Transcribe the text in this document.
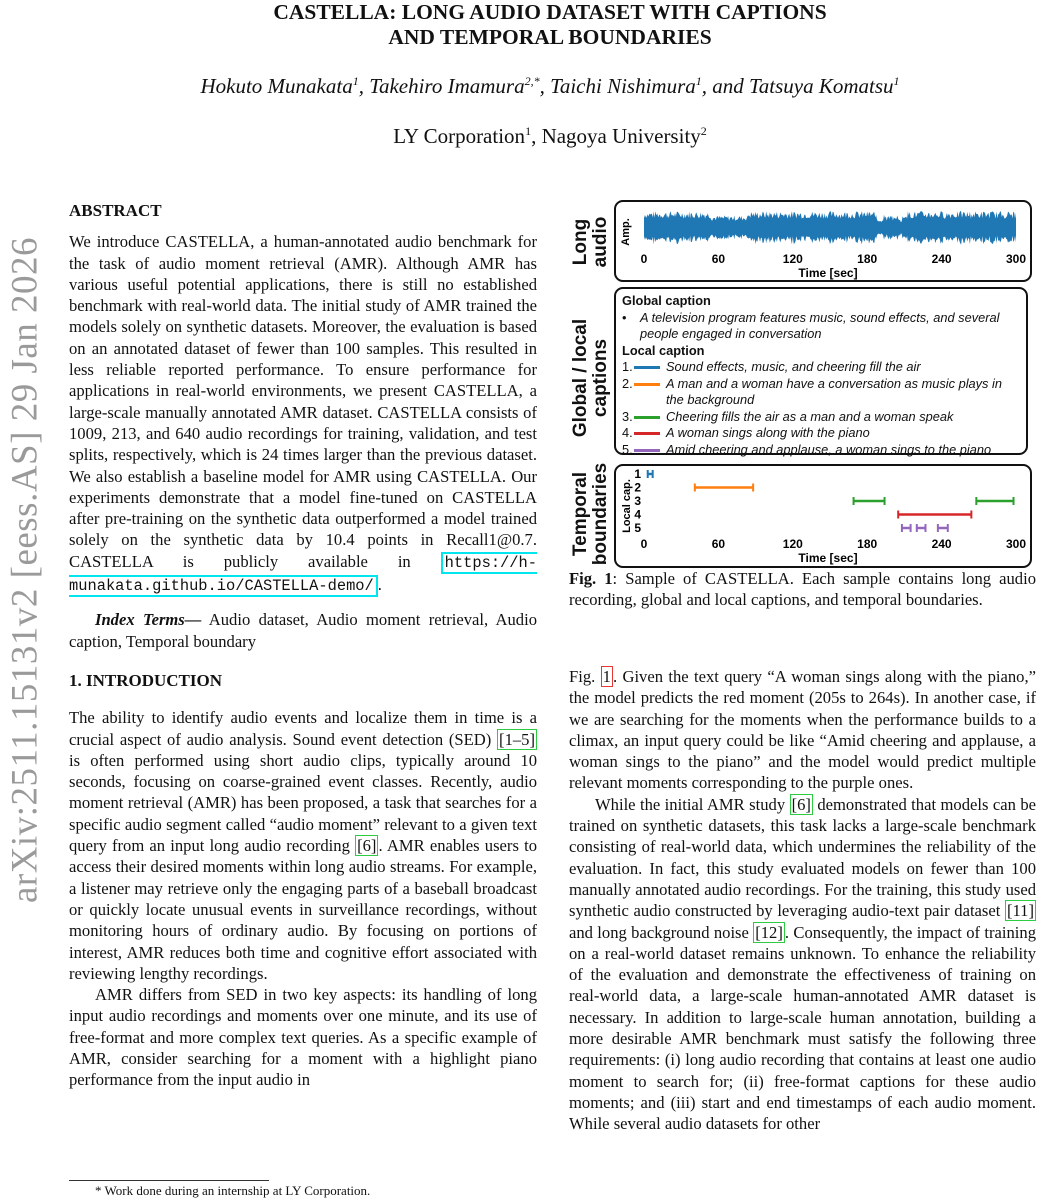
arXiv:2511.15131v2 [eess.AS] 29 Jan 2026
CASTELLA: LONG AUDIO DATASET WITH CAPTIONS
AND TEMPORAL BOUNDARIES
Hokuto Munakata$^1$, Takehiro Imamura$^{2,*}$, Taichi Nishimura$^1$, and Tatsuya Komatsu$^1$
LY Corporation$^1$, Nagoya University$^2$

ABSTRACT

We introduce CASTELLA, a human-annotated audio benchmark for the task of audio moment retrieval (AMR). Although AMR has various useful potential applications, there is still no established benchmark with real-world data. The initial study of AMR trained the models solely on synthetic datasets. Moreover, the evaluation is based on an annotated dataset of fewer than 100 samples. This resulted in less reliable reported performance. To ensure performance for applications in real-world environments, we present CASTELLA, a large-scale manually annotated AMR dataset. CASTELLA consists of 1009, 213, and 640 audio recordings for training, validation, and test splits, respectively, which is 24 times larger than the previous dataset. We also establish a baseline model for AMR using CASTELLA. Our experiments demonstrate that a model fine-tuned on CASTELLA after pre-training on the synthetic data outperformed a model trained solely on the synthetic data by 10.4 points in Recall1@0.7. CASTELLA is publicly available in https://h-munakata.github.io/CASTELLA-demo/ .

Index Terms— Audio dataset, Audio moment retrieval, Audio caption, Temporal boundary

1. INTRODUCTION

The ability to identify audio events and localize them in time is a crucial aspect of audio analysis. Sound event detection (SED) [1–5] is often performed using short audio clips, typically around 10 seconds, focusing on coarse-grained event classes. Recently, audio moment retrieval (AMR) has been proposed, a task that searches for a specific audio segment called “audio moment” relevant to a given text query from an input long audio recording [6] . AMR enables users to access their desired moments within long audio streams. For example, a listener may retrieve only the engaging parts of a baseball broadcast or quickly locate unusual events in surveillance recordings, without monitoring hours of ordinary audio. By focusing on portions of interest, AMR reduces both time and cognitive effort associated with reviewing lengthy recordings.

AMR differs from SED in two key aspects: its handling of long input audio recordings and moments over one minute, and its use of free-format and more complex text queries. As a specific example of AMR, consider searching for a moment with a highlight piano performance from the input audio in

* Work done during an internship at LY Corporation.

Long audio
Global / local captions
Temporal boundaries
Amp.
0	60	120	180	240	300
Time [sec]
Global caption
• A television program features music, sound effects, and several people engaged in conversation
Local caption
1.	Sound effects, music, and cheering fill the air
2.	A man and a woman have a conversation as music plays in the background
3.	Cheering fills the air as a man and a woman speak
4.	A woman sings along with the piano
5.	Amid cheering and applause, a woman sings to the piano
Local cap.
1
2
3
4
5
0	60	120	180	240	300
Time [sec]

Fig. 1: Sample of CASTELLA. Each sample contains long audio recording, global and local captions, and temporal boundaries.

Fig. 1 . Given the text query “A woman sings along with the piano,” the model predicts the red moment (205s to 264s). In another case, if we are searching for the moments when the performance builds to a climax, an input query could be like “Amid cheering and applause, a woman sings to the piano” and the model would predict multiple relevant moments corresponding to the purple ones.

While the initial AMR study [6] demonstrated that models can be trained on synthetic datasets, this task lacks a large-scale benchmark consisting of real-world data, which undermines the reliability of the evaluation. In fact, this study evaluated models on fewer than 100 manually annotated audio recordings. For the training, this study used synthetic audio constructed by leveraging audio-text pair dataset [11] and long background noise [12] . Consequently, the impact of training on a real-world dataset remains unknown. To enhance the reliability of the evaluation and demonstrate the effectiveness of training on real-world data, a large-scale human-annotated AMR dataset is necessary. In addition to large-scale human annotation, building a more desirable AMR benchmark must satisfy the following three requirements: (i) long audio recording that contains at least one audio moment to search for; (ii) free-format captions for these audio moments; and (iii) start and end timestamps of each audio moment. While several audio datasets for other
